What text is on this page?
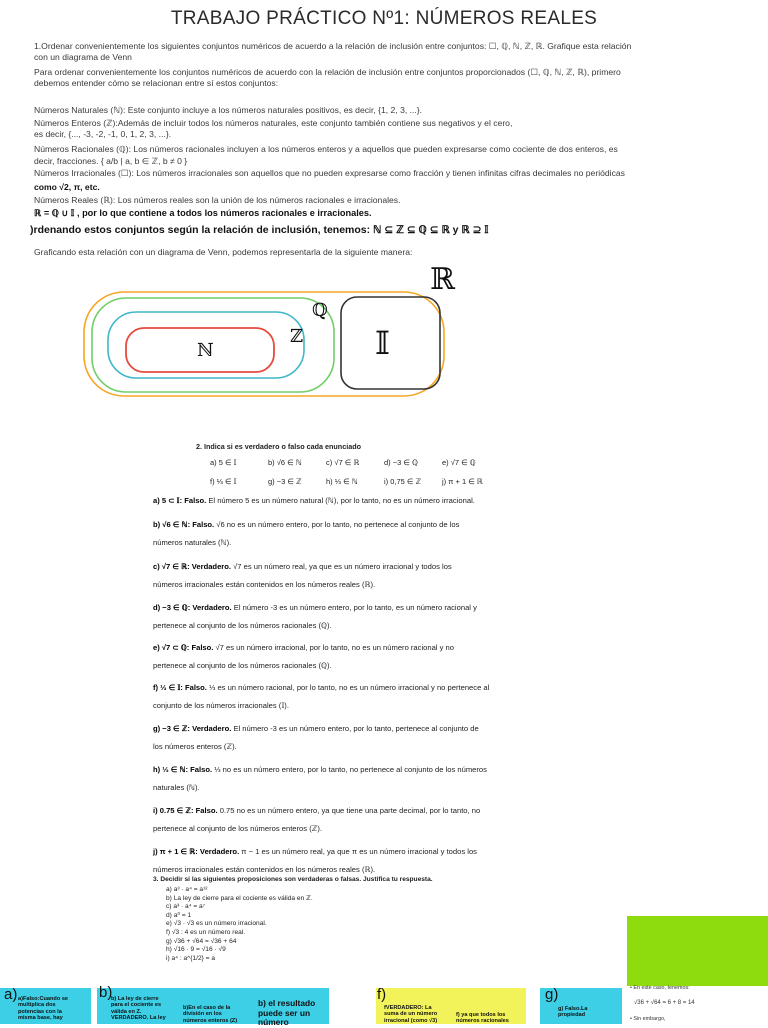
TRABAJO PRÁCTICO Nº1: NÚMEROS REALES
1.Ordenar convenientemente los siguientes conjuntos numéricos de acuerdo a la relación de inclusión entre conjuntos: ☐, ℚ, ℕ, ℤ, ℝ. Grafique esta relación
con un diagrama de Venn
Para ordenar convenientemente los conjuntos numéricos de acuerdo con la relación de inclusión entre conjuntos proporcionados (☐, ℚ, ℕ, ℤ, ℝ), primero
debemos entender cómo se relacionan entre sí estos conjuntos:
Números Naturales (ℕ): Este conjunto incluye a los números naturales positivos, es decir, {1, 2, 3, ...}.
Números Enteros (ℤ):Además de incluir todos los números naturales, este conjunto también contiene sus negativos y el cero,
es decir, {..., -3, -2, -1, 0, 1, 2, 3, ...}.
Números Racionales (ℚ): Los números racionales incluyen a los números enteros y a aquellos que pueden expresarse como cociente de dos enteros, es
decir, fracciones. { a/b | a, b ∈ ℤ, b ≠ 0 }
Números Irracionales (☐): Los números irracionales son aquellos que no pueden expresarse como fracción y tienen infinitas cifras decimales no periódicas
como √2, π, etc.
Números Reales (ℝ): Los números reales son la unión de los números racionales e irracionales.
ℝ = ℚ ∪ 𝕀 , por lo que contiene a todos los números racionales e irracionales.
)rdenando estos conjuntos según la relación de inclusión, tenemos: ℕ ⊆ ℤ ⊆ ℚ ⊆ ℝ y ℝ ⊇ 𝕀
Graficando esta relación con un diagrama de Venn, podemos representarla de la siguiente manera:
ℝ
ℚ
ℤ
ℕ	𝕀
2. Indica si es verdadero o falso cada enunciado
a) 5 ∈ 𝕀	b) √6 ∈ ℕ	c) √7 ∈ ℝ	d) −3 ∈ ℚ	e) √7 ∈ ℚ
f) ⅓ ∈ 𝕀	g) −3 ∈ ℤ	h) ⅓ ∈ ℕ	i) 0,75 ∈ ℤ	j) π + 1 ∈ ℝ
a) 5 ⊂ 𝕀: Falso. El número 5 es un número natural (ℕ), por lo tanto, no es un número irracional.
b) √6 ∈ ℕ: Falso. √6 no es un número entero, por lo tanto, no pertenece al conjunto de los
números naturales (ℕ).
c) √7 ∈ ℝ: Verdadero. √7 es un número real, ya que es un número irracional y todos los
números irracionales están contenidos en los números reales (ℝ).
d) −3 ∈ ℚ: Verdadero. El número -3 es un número entero, por lo tanto, es un número racional y
pertenece al conjunto de los números racionales (ℚ).
e) √7 ⊂ ℚ: Falso. √7 es un número irracional, por lo tanto, no es un número racional y no
pertenece al conjunto de los números racionales (ℚ).
f) ⅓ ∈ 𝕀: Falso. ⅓ es un número racional, por lo tanto, no es un número irracional y no pertenece al
conjunto de los números irracionales (𝕀).
g) −3 ∈ ℤ: Verdadero. El número -3 es un número entero, por lo tanto, pertenece al conjunto de
los números enteros (ℤ).
h) ⅓ ∈ ℕ: Falso. ⅓ no es un número entero, por lo tanto, no pertenece al conjunto de los números
naturales (ℕ).
i) 0.75 ∈ ℤ: Falso. 0.75 no es un número entero, ya que tiene una parte decimal, por lo tanto, no
pertenece al conjunto de los números enteros (ℤ).
j) π + 1 ∈ ℝ: Verdadero. π − 1 es un número real, ya que π es un número irracional y todos los
números irracionales están contenidos en los números reales (ℝ).
3. Decidir si las siguientes proposiciones son verdaderas o falsas. Justifica tu respuesta.
a) a³ · a⁴ = a¹²
b) La ley de cierre para el cociente es válida en ℤ.
c) a³ · a⁴ = a⁷
d) a⁰ = 1
e) √3 · √3 es un número irracional.
f) √3 : 4 es un número real.
g) √36 + √64 = √36 + 64
h) √16 · 9 = √16 · √9
i) a⁴ : a^{1/2} = a
a) a)Falso:Cuando se
multiplica dos
potencias con la
misma base, hay
b)
b) La ley de cierre
para el cociente es
válida en Z.
VERDADERO. La ley
b)En el caso de la
división en los
números enteros (Z)
b) el resultado
puede ser un
número
f)
fVERDADERO: La
suma de un número
irracional (como √3)
f) ya que todos los
números racionales
g)
g) Falso.La
propiedad
• En este caso, tenemos:
√36 + √64 = 6 + 8 = 14
• Sin embargo,
